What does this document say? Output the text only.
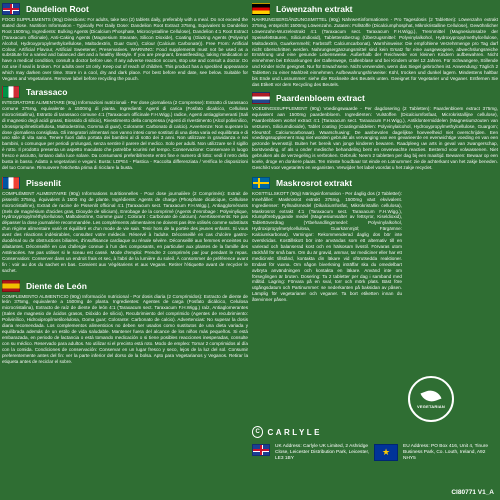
Dandelion Root
FOOD SUPPLEMENTS (90g) Directions: For adults, take two (2) tablets daily, preferably with a meal. Do not exceed the stated dose. Nutrition Information - Typically Per Daily Dose: Dandelion Root Extract 375mg, Equivalent to Dandelion Root 1500mg. Ingredients: Bulking Agents (Dicalcium Phosphate, Microcrystalline Cellulose), Dandelion 4:1 Root Extract (Taraxacum officinale), Anti-Caking Agents (Magnesium Stearate, Silicon Dioxide), Coating (Glazing Agents (Polyvinyl Alcohol, Hydroxypropylmethylcellulose, Maltodextrin, Guar Gum), Colour (Calcium Carbonate)). Free From: Artificial Colour, Artificial Flavour, Artificial Sweetener, Preservatives. WARNING: Food supplements must not be used as a substitute for a varied and balanced diet and a healthy lifestyle. If you are pregnant, breastfeeding, taking medication or have a medical condition, consult a doctor before use. If any adverse reaction occurs, stop use and consult a doctor. Do not use if seal is broken. For adults over 18 only. Keep out of reach of children. This product has a speckled appearance which may darken over time. Store in a cool, dry and dark place. For best before end date, see below. Suitable for Vegans and Vegetarians. Remove label before recycling the pouch.
Tarassaco
INTEGRATORE ALIMENTARE (90g) Informazioni nutrizionali - Per dose giornaliera (2 Compresse): Estratto di tarassaco comune 375mg, equivalente a 1500mg di pianta. Ingredienti: Agenti di carica (Fosfato dicalcico, Cellulosa microcristallina), Estratto di tarassaco comune 4:1 (Taraxacum officinale F.H.Wigg.) radice, Agenti antiagglomeranti (Sali di magnesio degli acidi grassi, Biossido di silicio), Rivestimento della compressa (Agenti di rivestimento (Alcol polivinilico, Idrossipropilmetilcellulosa, Maltodestrina, Gomma di guar), Colorante: Carbonato di calcio). Avvertenze: Non superare la dose giornaliera consigliata. Gli integratori alimentari non vanno intesi come sostituti di una dieta varia ed equilibrata e di uno stile di vita sano. Tenere fuori dalla portata dei bambini al di sotto dei 3 anni. Non utilizzare in gravidanza e nei bambini, o comunque per periodi prolungati, senza sentire il parere del medico. Solo per adulti. Non utilizzare se il sigillo è rotto. Il prodotto presenta un aspetto maculato che potrebbe scurirsi nel tempo. Conservazione: Conservare in luogo fresco e asciutto, lontano dalla luce solare. Da consumarsi preferibilmente entro fine e numero di lotto: vedi il retro della busta in basso. Adatto a vegetariani e vegani. Busta: LDPE4 - Plastica - Raccolta differenziata / Verifica le disposizioni del tuo Comune. Rimuovere l'etichetta prima di riciclare la busta.
Pissenlit
COMPLÉMENT ALIMENTAIRE (90g) Informations nutritionnelles - Pour dose journalière (2 Comprimés): Extrait de pissenlit 375mg, équivalent à 1500 mg de plante. Ingrédients: Agents de charge (Phosphate dicalcique, Cellulose microcristalline), Extrait de racine de Pissenlit officinal 4:1 (Taraxacum sect. Taraxacum F.H.Wigg.), Antiagglomérants (Sels de magnésium d'acides gras, Dioxyde de silicium), Enrobage de la comprimé (Agents d'enrobage : Polyvinylique, Hydroxypropylméthylcellulose, Maltodextrine, Gomme guar ; Colorant : Carbonate de calcium). Avertissements: Ne pas dépasser la dose journalière recommandée. Les compléments alimentaires ne doivent pas être utilisés comme substituts d'un régime alimentaire varié et équilibré et d'un mode de vie sain. Tenir hors de la portée des jeunes enfants. Si vous avez des réactions indésirables, consultez votre médecin. Réservé à l'adulte. Déconseillé en cas d'ulcère gastro-duodénal ou de obstructions biliaires, d'insuffisance cardiaque ou rénale sévère. Déconseillé aux femmes enceintes ou allaitantes. Déconseillé en cas d'allergie connue à l'un des composants, en particulier aux plantes de la famille des Astéracées. Ne pas utiliser si le sceau est cassé. Mode d'emploi: Prendre 2 comprimés par jour pendant le repas. Conservation: Conserver dans un endroit frais et sec, à l'abri de la lumière du soleil. À consommer de préférence avant fin : voir au dos du sachet en bas. Convient aux Végétariens et aux Vegans. Retirer l'étiquette avant de recycler le sachet.
Diente de León
COMPLEMENTO ALIMENTICIO (90g) Información nutricional - Por dosis diaria (2 Comprimidos): Extracto de diente de león 375mg, equivalente a 1500mg de planta. Ingredientes: Agentes de carga (Fosfato dicálcico, Celulosa microcristalina), Extracto de raíz de diente de león 4:1 (Taraxacum sect. Taraxacum F.H.Wigg.) raíz, Antiaglomerantes (Sales de magnesio de ácidos grasos, Dióxido de silicio), Recubrimiento del comprimido (Agentes de recubrimiento: Polivinílico, Hidroxipropilmetilcelulosa, Goma guar; Colorante: Carbonato de calcio). Advertencias: No superar la dosis diaria recomendada. Los complementos alimenticios no deben ser usados como sustitutos de una dieta variada y equilibrada además de un estilo de vida saludable. Mantener fuera del alcance de los niños más pequeños. Si está embarazada, en periodo de lactancia o está tomando medicación o si tiene posibles reacciones inesperadas, consulte con su médico. Reservado para adultos. No utilizar si el precinto está roto. Modo de empleo: Tomar 2 comprimidos al día con la comida. Condiciones de conservación: Conservar en un lugar fresco y seco, lejos de la luz del sol. Consumir preferentemente antes del fin: ver la parte inferior del dorso de la bolsa. Apto para Vegetarianos y Veganos. Retirar la etiqueta antes de reciclar el sobre.
Löwenzahn extrakt
NAHRUNGSERGÄNZUNGSMITTEL (90g) Nährwertinformationen - Pro Tagesdosis (2 Tabletten): Löwenzahn extrakt 375mg, entspricht 1500mg Löwenzahn. Zutaten: Füllstoffe (Dicalciumphosphat, Mikrokristalline Cellulose), Gewöhnlicher Löwenzahn-Wurzelextrakt 4:1 (Taraxacum sect. Taraxacum F.H.Wigg.), Trennmittel (Magnesiumsalze der Speisefettsäuren, Siliciumdioxid), Tablettenüberzug (Überzugsmittel: Polyvinylalkohol, Hydroxypropylmethylcellulose, Maltodextrin, Guarkernmehl; Farbstoff: Calciumcarbonat). Warnhinweise: Die empfohlene Verzehrmenge pro Tag darf nicht überschritten werden. Nahrungsergänzungsmittel sind kein Ersatz für eine ausgewogene, abwechslungsreiche Ernährung und eine gesunde Lebensweise. Außerhalb der Reichweite von kleinen Kindern aufbewahren. Nicht einnehmen bei Erkrankungen der Gallenwege, Gallenblase und bei Kindern unter 12 Jahren. Für Schwangere, Stillende und Kinder nicht geeignet. Nur für Erwachsene. Nicht verwenden, wenn das Siegel gebrochen ist. Anwendung: Täglich 2 Tabletten zu einer Mahlzeit einnehmen. Aufbewahrungshinweise: Kühl, trocken und dunkel lagern. Mindestens haltbar bis Ende und Losnummer: siehe die Rückseite des Beutels unten. Geeignet für Vegetarier und Veganer. Entfernen Sie das Etikett vor dem Recycling des Beutels.
Paardenbloem extract
VOEDINGSSUPPLEMENT (90g) Voedingswaarde - Per dagdosering (2 Tabletten): Paardenbloem extract 375mg, equivalent aan 1500mg paardenbloem. Ingrediënten: Vulstoffen (Dicalciumfosfaat, Microkristallijne cellulose), Paardenbloem wortel extract 4:1 (Taraxacum sect. Taraxacum F.H.Wigg.), Antiklontermiddelen (Magnesiumzouten van vetzuren, Siliciumdioxide), Tablet coating (Coatingmiddelen: Polyvinylalcohol, Hydroxypropylmethylcellulose, Guargom; Kleurstof: Calciumcarbonaat). Waarschuwing: De aanbevolen dagelijkse hoeveelheid niet overschrijden. Een voedingssupplement mag niet worden gebruikt als vervanging van een gevarieerde en evenwichtige voeding en van een gezonde levensstijl. Buiten het bereik van jonge kinderen bewaren. Raadpleeg uw arts in geval van zwangerschap, borstvoeding, of als u onder medische behandeling bent en onverwachte reacties. Bestemd voor volwassenen. Niet gebruiken als de verzegeling is verbroken. Gebruik: Neem 2 tabletten per dag bij een maaltijd. Bewaren: Bewaar op een koele, droge en donkere plaats. Ten minste houdbaar tot einde en Lotnummer: zie de achterkant van het zakje beneden. Geschikt voor vegetariërs en veganisten. Verwijder het label voordat u het zakje recyclet.
Maskrosrot extrakt
KOSTTILLSKOTT (90g) Näringsinformation - Per daglig dos (2 Tabletter): Innehåller: Maskrosrot extrakt 375mg, 1500mg växt ekvivalent. Ingredienser: Fyllnadsmedel (Dikalciumfosfat, Mikrokristallin cellulosa), Maskrosrot extrakt 4:1 (Taraxacum sect. Taraxacum F.H.Wigg.), Klumpförebyggande medel (Magnesiumsalter av fettsyror, Kiseldioxid), Tablettöverdrag (Ytbehandlingsmedel: Polyvinylalkohol, Hydroxipropylmetylcellulosa, Guarkärnmjöl; Färgämne: Kalciumkarbonat). Varningar: Rekommenderad daglig dos bör inte överskridas. Kosttillskott bör inte användas som ett alternativ till en varierad och balanserad kost och en hälsosam livsstil. Förvaras utom räckhåll för små barn. Om du är gravid, ammar, tar mediciner eller har ett medicinskt tillstånd, kontakta din läkare vid oförutsedda reaktioner. Endast för vuxna. Om någon biverkning inträffar ska du omedelbart avbryta användningen och kontakta en läkare. Använd inte om förseglingen är bruten. Dosering: Ta 2 tabletter per dag i samband med måltid. Lagring: Förvara på en sval, torr och mörk plats. Bäst före utgångsdatum och Partinummer: se nederkanten på baksidan av påsen. Lämplig för vegetarianer och veganer. Ta bort etiketten innan du återvinner påsen.
VEGETARIAN
C CARLYLE
UK Address: Carlyle UK Limited, 2 Ashridge Close, Leicester Distribution Park, Leicester, LE3 1BY
★
EU Address: PO Box 416, Unit 4, Tinure Business Park, Co. Louth, Ireland, A92 NHY5
CI80771 V1_A
